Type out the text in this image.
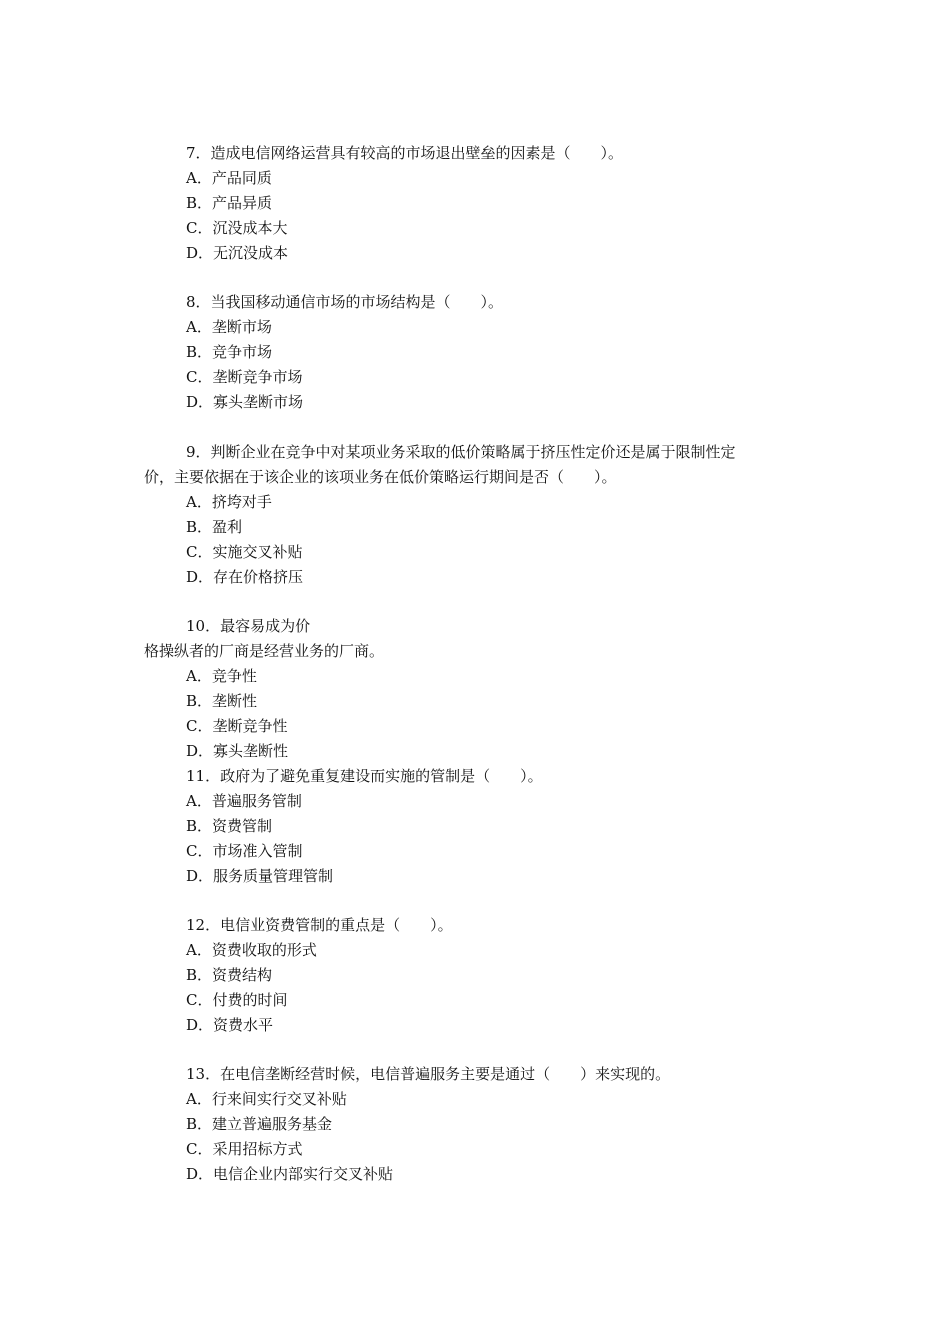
7．造成电信网络运营具有较高的市场退出壁垒的因素是（　　）。
A．产品同质
B．产品异质
C．沉没成本大
D．无沉没成本
8．当我国移动通信市场的市场结构是（　　）。
A．垄断市场
B．竞争市场
C．垄断竞争市场
D．寡头垄断市场
9．判断企业在竞争中对某项业务采取的低价策略属于挤压性定价还是属于限制性定
价，主要依据在于该企业的该项业务在低价策略运行期间是否（　　）。
A．挤垮对手
B．盈利
C．实施交叉补贴
D．存在价格挤压
10．最容易成为价
格操纵者的厂商是经营业务的厂商。
A．竞争性
B．垄断性
C．垄断竞争性
D．寡头垄断性
11．政府为了避免重复建设而实施的管制是（　　）。
A．普遍服务管制
B．资费管制
C．市场准入管制
D．服务质量管理管制
12．电信业资费管制的重点是（　　）。
A．资费收取的形式
B．资费结构
C．付费的时间
D．资费水平
13．在电信垄断经营时候，电信普遍服务主要是通过（　　）来实现的。
A．行来间实行交叉补贴
B．建立普遍服务基金
C．采用招标方式
D．电信企业内部实行交叉补贴
